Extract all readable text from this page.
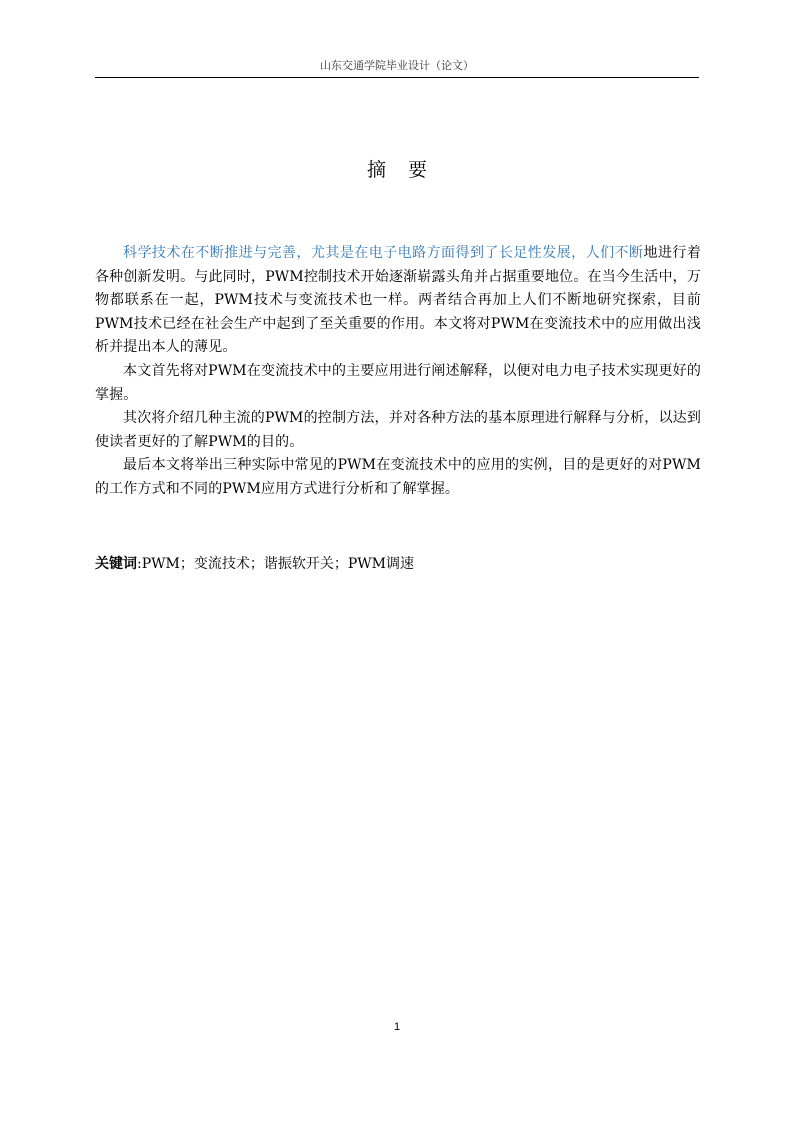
山东交通学院毕业设计（论文）
摘 要

科学技术在不断推进与完善，尤其是在电子电路方面得到了长足性发展，人们不断地进行着各种创新发明。与此同时，PWM控制技术开始逐渐崭露头角并占据重要地位。在当今生活中，万物都联系在一起，PWM技术与变流技术也一样。两者结合再加上人们不断地研究探索，目前PWM技术已经在社会生产中起到了至关重要的作用。本文将对PWM在变流技术中的应用做出浅析并提出本人的薄见。

本文首先将对PWM在变流技术中的主要应用进行阐述解释，以便对电力电子技术实现更好的掌握。

其次将介绍几种主流的PWM的控制方法，并对各种方法的基本原理进行解释与分析，以达到使读者更好的了解PWM的目的。

最后本文将举出三种实际中常见的PWM在变流技术中的应用的实例，目的是更好的对PWM的工作方式和不同的PWM应用方式进行分析和了解掌握。

关键词:PWM；变流技术；谐振软开关；PWM调速
1
